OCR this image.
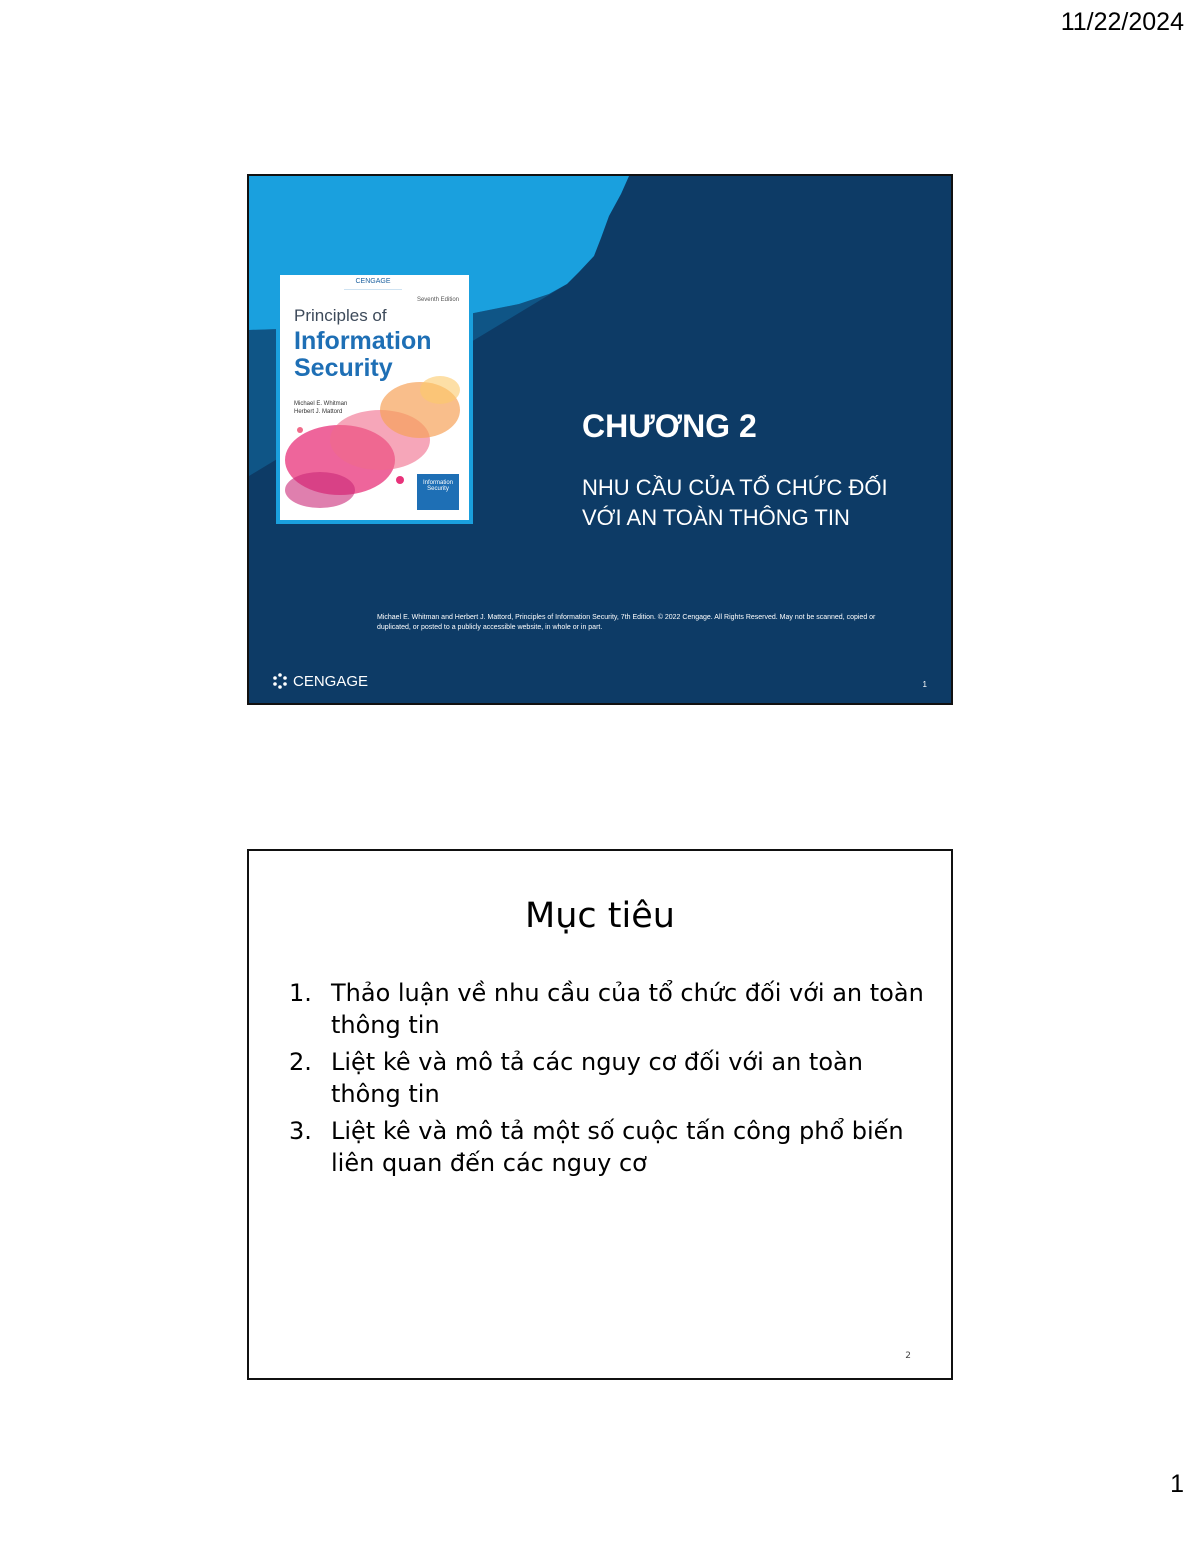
11/22/2024
CENGAGE
Seventh Edition
Principles of
Information
Security
Michael E. Whitman
Herbert J. Mattord
Information Security
CHƯƠNG 2
NHU CẦU CỦA TỔ CHỨC ĐỐI VỚI AN TOÀN THÔNG TIN
Michael E. Whitman and Herbert J. Mattord, Principles of Information Security, 7th Edition. © 2022 Cengage. All Rights Reserved. May not be scanned, copied or duplicated, or posted to a publicly accessible website, in whole or in part.
CENGAGE	1
Mục tiêu
1. Thảo luận về nhu cầu của tổ chức đối với an toàn thông tin
2. Liệt kê và mô tả các nguy cơ đối với an toàn thông tin
3. Liệt kê và mô tả một số cuộc tấn công phổ biến liên quan đến các nguy cơ
2
1
